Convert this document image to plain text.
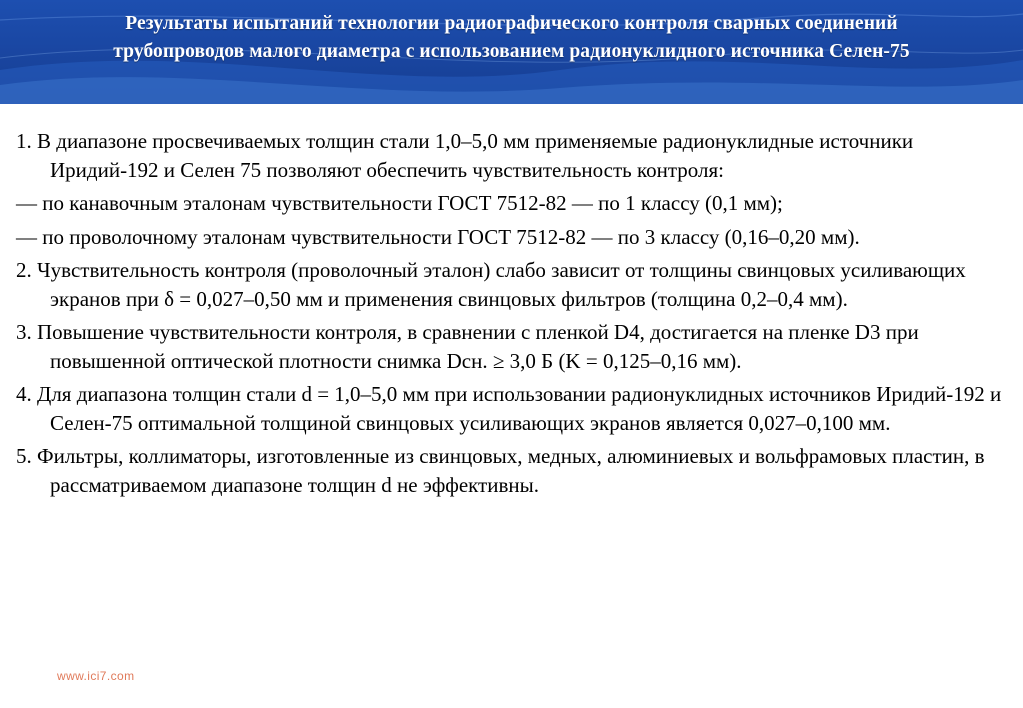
Результаты испытаний технологии радиографического контроля сварных соединений
трубопроводов малого диаметра с использованием радионуклидного источника Селен-75

1. В диапазоне просвечиваемых толщин стали 1,0–5,0 мм применяемые радионуклидные источники Иридий-192 и Селен 75 позволяют обеспечить чувствительность контроля:

— по канавочным эталонам чувствительности ГОСТ 7512-82 — по 1 классу (0,1 мм);

— по проволочному эталонам чувствительности ГОСТ 7512-82 — по 3 классу (0,16–0,20 мм).

2. Чувствительность контроля (проволочный эталон) слабо зависит от толщины свинцовых усиливающих экранов при δ = 0,027–0,50 мм и применения свинцовых фильтров (толщина 0,2–0,4 мм).

3. Повышение чувствительности контроля, в сравнении с пленкой D4, достигается на пленке D3 при повышенной оптической плотности снимка Dсн. ≥ 3,0 Б (K = 0,125–0,16 мм).

4. Для диапазона толщин стали d = 1,0–5,0 мм при использовании радионуклидных источников Иридий-192 и Селен-75 оптимальной толщиной свинцовых усиливающих экранов является 0,027–0,100 мм.

5. Фильтры, коллиматоры, изготовленные из свинцовых, медных, алюминиевых и вольфрамовых пластин, в рассматриваемом диапазоне толщин d не эффективны.

www.ici7.com
